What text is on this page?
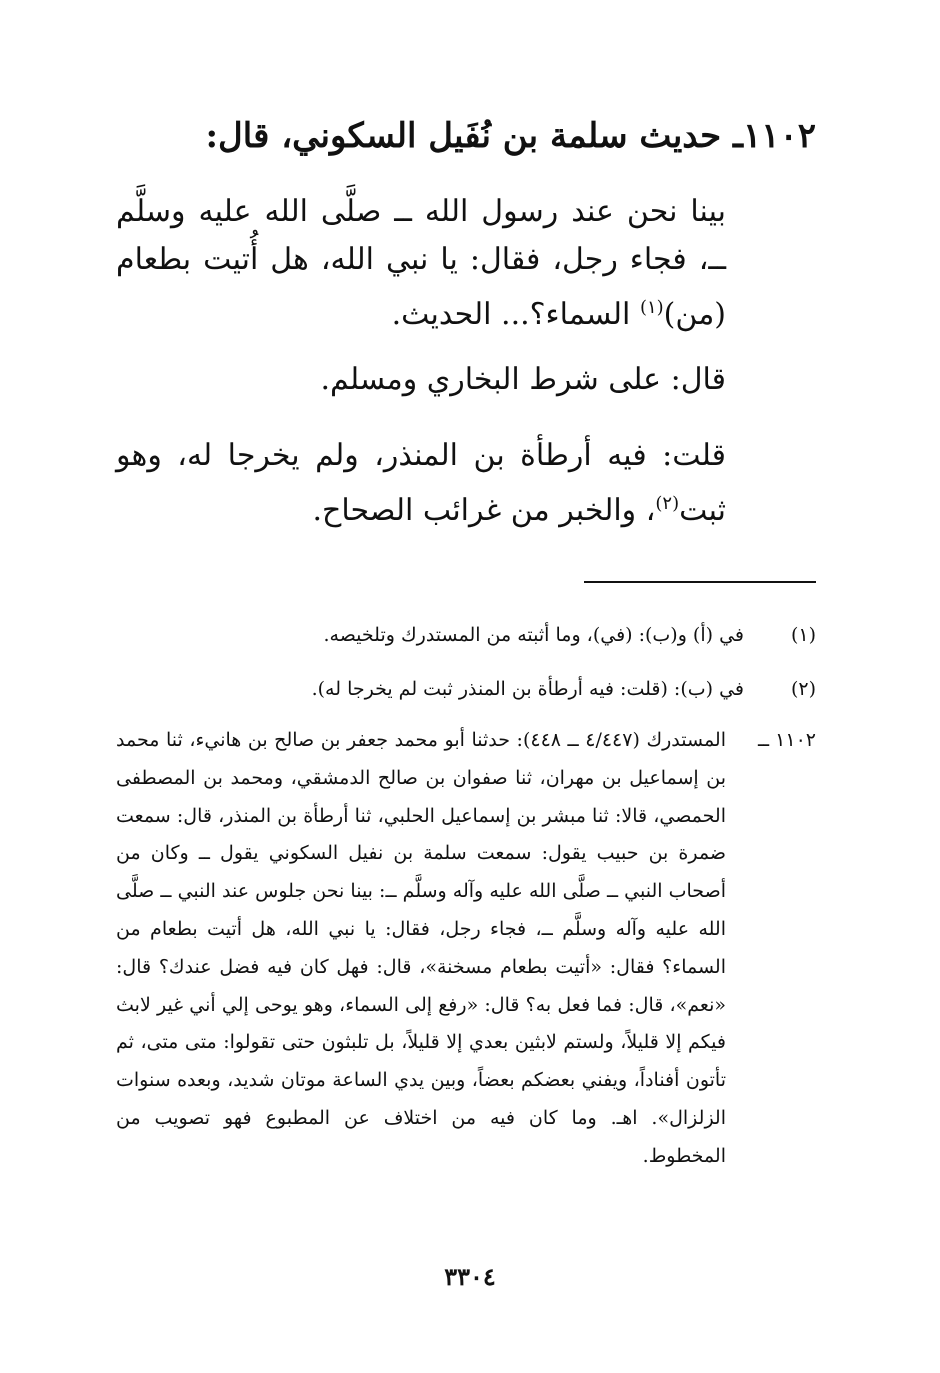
١١٠٢ـ حديث سلمة بن نُفَيل السكوني، قال:
بينا نحن عند رسول الله ــ صلَّى الله عليه وسلَّم ــ، فجاء رجل، فقال: يا نبي الله، هل أُتيت بطعام (من)$^{(١)}$ السماء؟... الحديث.
قال: على شرط البخاري ومسلم.
قلت: فيه أرطأة بن المنذر، ولم يخرجا له، وهو ثبت$^{(٢)}$، والخبر من غرائب الصحاح.
(١)
في (أ) و(ب): (في)، وما أثبته من المستدرك وتلخيصه.
(٢)
في (ب): (قلت: فيه أرطأة بن المنذر ثبت لم يخرجا له).
١١٠٢ ــ
المستدرك (٤/٤٤٧ ــ ٤٤٨): حدثنا أبو محمد جعفر بن صالح بن هانيء، ثنا محمد بن إسماعيل بن مهران، ثنا صفوان بن صالح الدمشقي، ومحمد بن المصطفى الحمصي، قالا: ثنا مبشر بن إسماعيل الحلبي، ثنا أرطأة بن المنذر، قال: سمعت ضمرة بن حبيب يقول: سمعت سلمة بن نفيل السكوني يقول ــ وكان من أصحاب النبي ــ صلَّى الله عليه وآله وسلَّم ــ: بينا نحن جلوس عند النبي ــ صلَّى الله عليه وآله وسلَّم ــ، فجاء رجل، فقال: يا نبي الله، هل أتيت بطعام من السماء؟ فقال: «أتيت بطعام مسخنة»، قال: فهل كان فيه فضل عندك؟ قال: «نعم»، قال: فما فعل به؟ قال: «رفع إلى السماء، وهو يوحى إلي أني غير لابث فيكم إلا قليلاً، ولستم لابثين بعدي إلا قليلاً، بل تلبثون حتى تقولوا: متى متى، ثم تأتون أفناداً، ويفني بعضكم بعضاً، وبين يدي الساعة موتان شديد، وبعده سنوات الزلزال». اهـ. وما كان فيه من اختلاف عن المطبوع فهو تصويب من المخطوط.
٣٣٠٤
